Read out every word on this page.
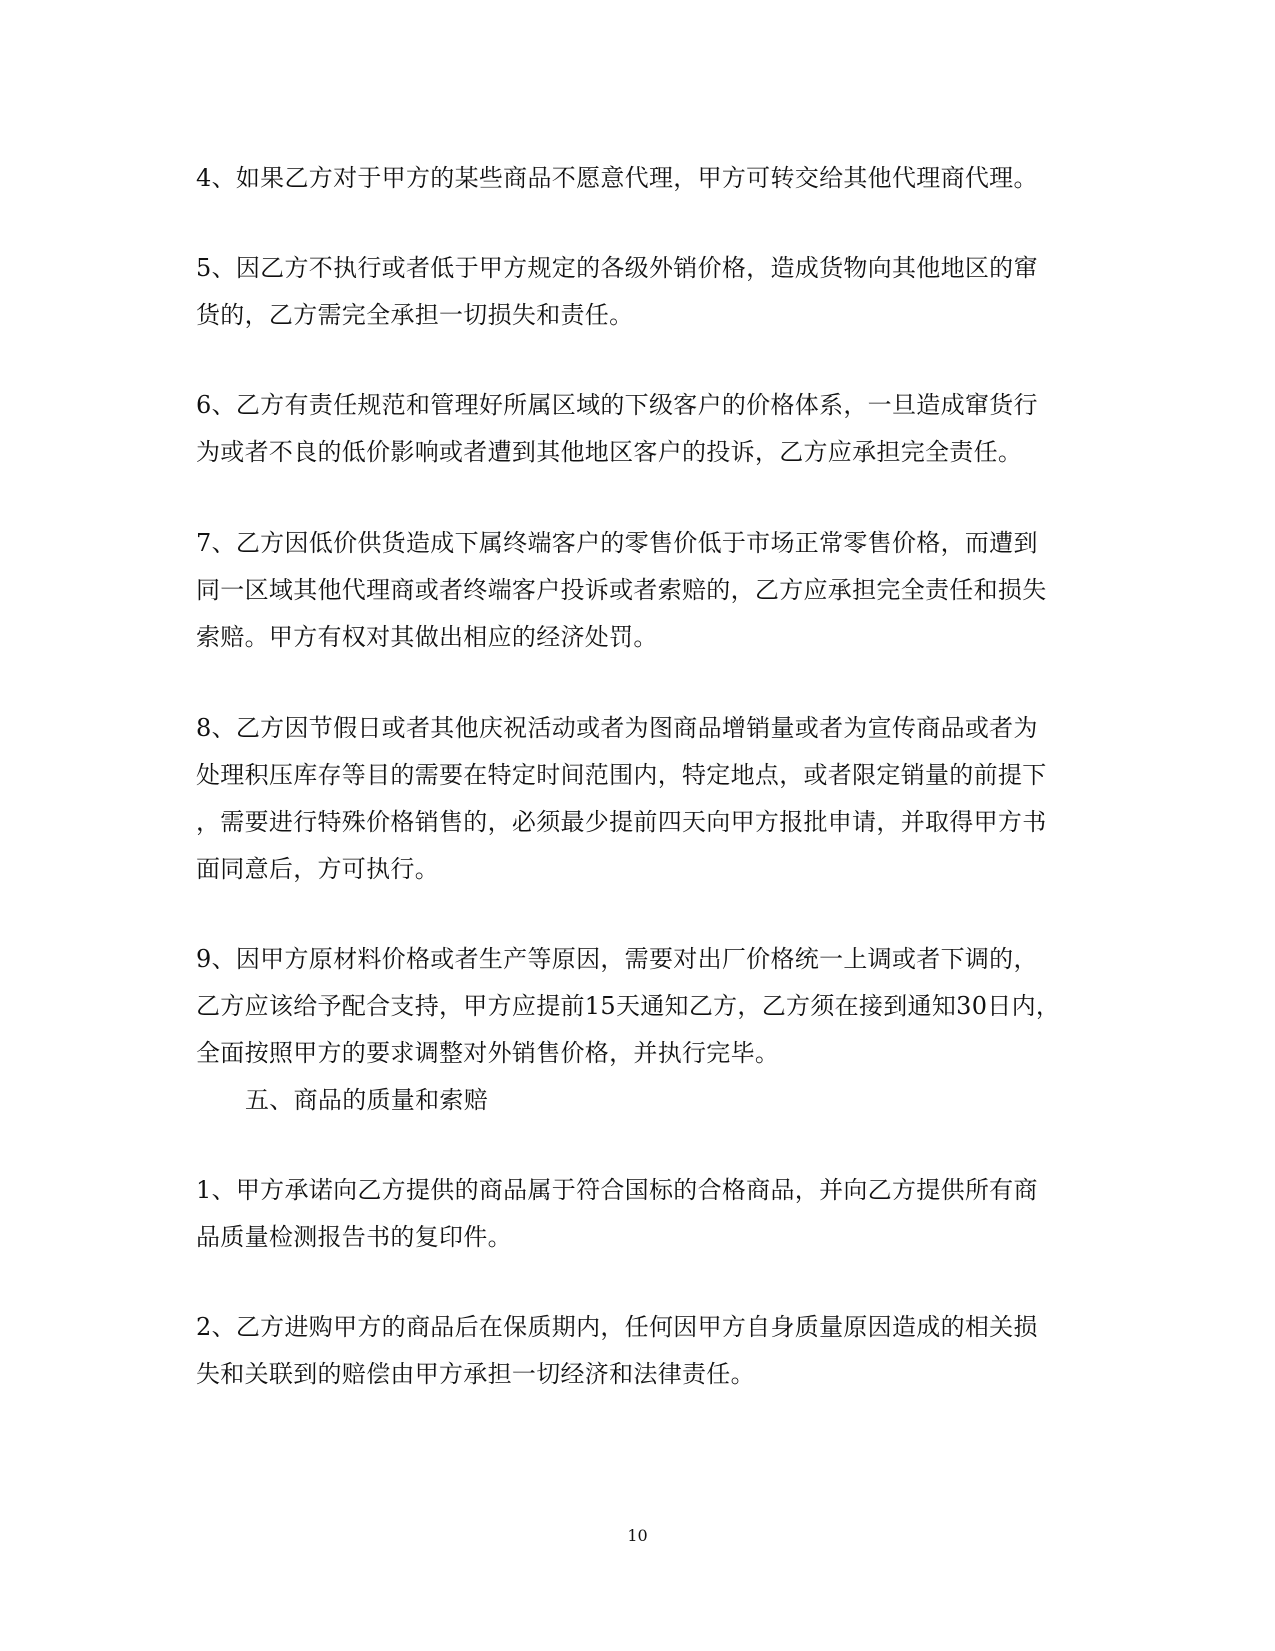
4、如果乙方对于甲方的某些商品不愿意代理，甲方可转交给其他代理商代理。
5、因乙方不执行或者低于甲方规定的各级外销价格，造成货物向其他地区的窜
货的，乙方需完全承担一切损失和责任。
6、乙方有责任规范和管理好所属区域的下级客户的价格体系，一旦造成窜货行
为或者不良的低价影响或者遭到其他地区客户的投诉，乙方应承担完全责任。
7、乙方因低价供货造成下属终端客户的零售价低于市场正常零售价格，而遭到
同一区域其他代理商或者终端客户投诉或者索赔的，乙方应承担完全责任和损失
索赔。甲方有权对其做出相应的经济处罚。
8、乙方因节假日或者其他庆祝活动或者为图商品增销量或者为宣传商品或者为
处理积压库存等目的需要在特定时间范围内，特定地点，或者限定销量的前提下
，需要进行特殊价格销售的，必须最少提前四天向甲方报批申请，并取得甲方书
面同意后，方可执行。
9、因甲方原材料价格或者生产等原因，需要对出厂价格统一上调或者下调的，
乙方应该给予配合支持，甲方应提前15天通知乙方，乙方须在接到通知30日内，
全面按照甲方的要求调整对外销售价格，并执行完毕。
五、商品的质量和索赔
1、甲方承诺向乙方提供的商品属于符合国标的合格商品，并向乙方提供所有商
品质量检测报告书的复印件。
2、乙方进购甲方的商品后在保质期内，任何因甲方自身质量原因造成的相关损
失和关联到的赔偿由甲方承担一切经济和法律责任。
10
